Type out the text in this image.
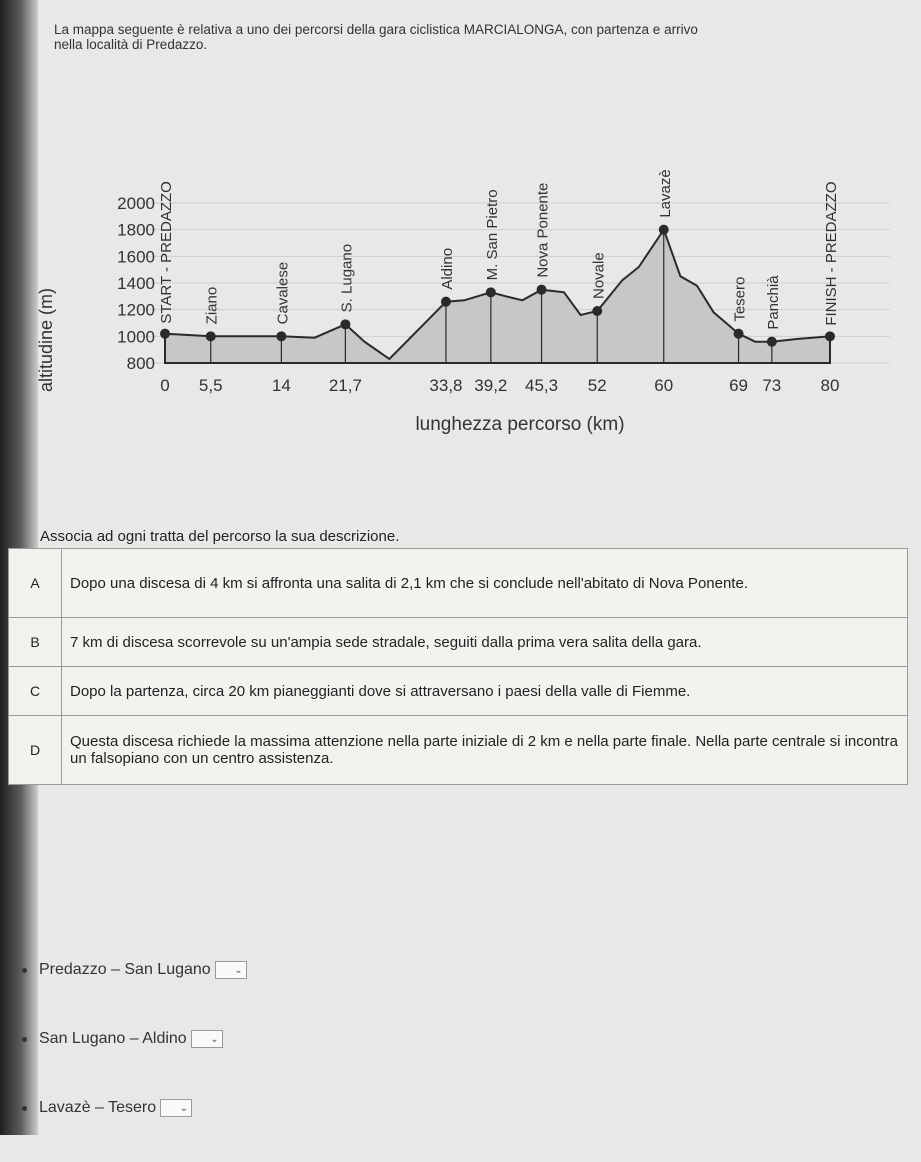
La mappa seguente è relativa a uno dei percorsi della gara ciclistica MARCIALONGA, con partenza e arrivo
nella località di Predazzo.
2000
1800
1600
1400
1200
1000
800
0 5,5	14 21,7	33,8 39,2 45,3 52	60	69 73 80
START - PREDAZZO Ziano	Cavalese	S. Lugano	Aldino M. San Pietro Nova Ponente	Novale
Lavazè
Tesero Panchià	FINISH - PREDAZZO
altitudine (m)
lunghezza percorso (km)
Associa ad ogni tratta del percorso la sua descrizione.
A	Dopo una discesa di 4 km si affronta una salita di 2,1 km che si conclude nell'abitato di Nova Ponente.
B	7 km di discesa scorrevole su un'ampia sede stradale, seguiti dalla prima vera salita della gara.
C	Dopo la partenza, circa 20 km pianeggianti dove si attraversano i paesi della valle di Fiemme.
D	Questa discesa richiede la massima attenzione nella parte iniziale di 2 km e nella parte finale. Nella parte centrale si incontra un falsopiano con un centro assistenza.
Predazzo – San Lugano ⌄
San Lugano – Aldino ⌄
Lavazè – Tesero ⌄
